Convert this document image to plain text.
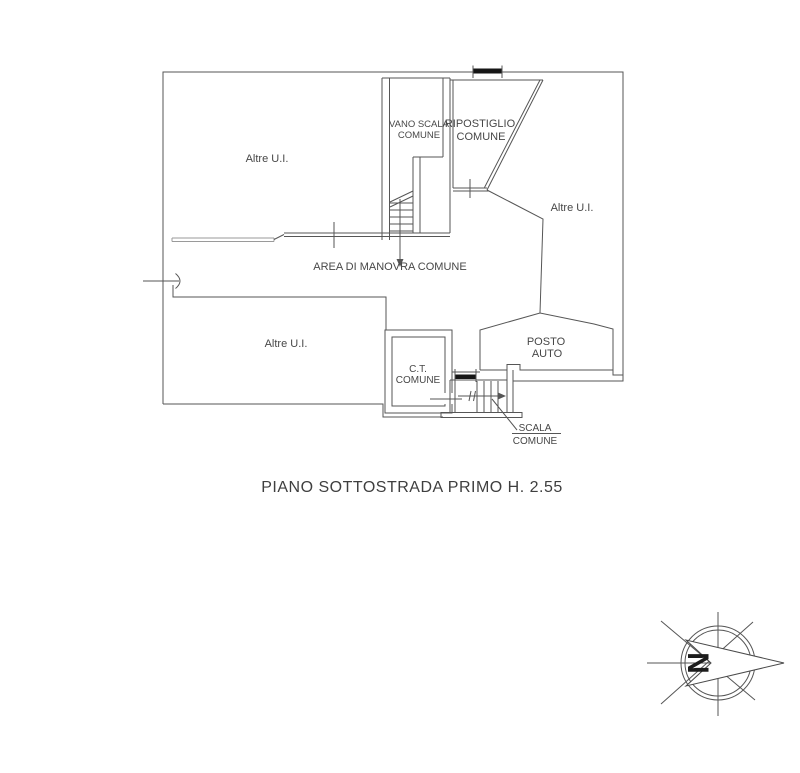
Altre U.I.
VANO SCALA
COMUNE
RIPOSTIGLIO
COMUNE
Altre U.I.
AREA DI MANOVRA COMUNE
Altre U.I.
C.T.
COMUNE
POSTO
AUTO
SCALA
COMUNE
PIANO SOTTOSTRADA PRIMO H. 2.55
N
